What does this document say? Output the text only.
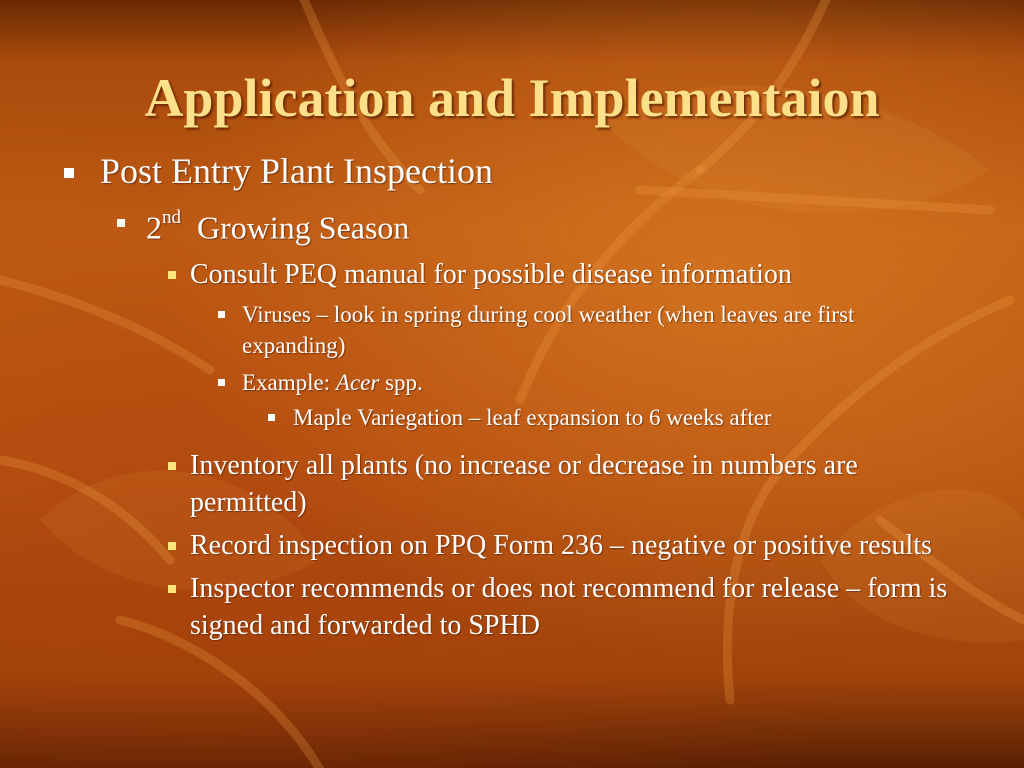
Application and Implementaion
Post Entry Plant Inspection
2nd Growing Season
Consult PEQ manual for possible disease information
Viruses – look in spring during cool weather (when leaves are first expanding)
Example: Acer spp.
Maple Variegation – leaf expansion to 6 weeks after
Inventory all plants (no increase or decrease in numbers are permitted)
Record inspection on PPQ Form 236 – negative or positive results
Inspector recommends or does not recommend for release – form is signed and forwarded to SPHD
